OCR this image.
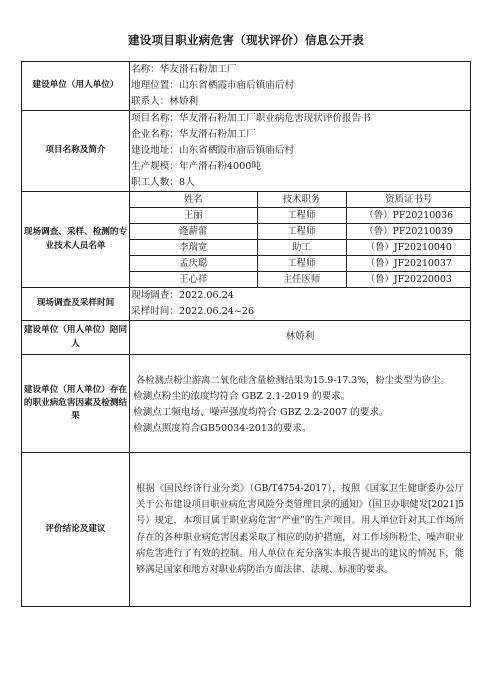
建设项目职业病危害（现状评价）信息公开表
建设单位（用人单位）	
名称：华友滑石粉加工厂
地理位置：山东省栖霞市庙后镇庙后村
联系人：林娇利

项目名称及简介	
项目名称：华友滑石粉加工厂职业病危害现状评价报告书
企业名称：华友滑石粉加工厂
建设地址：山东省栖霞市庙后镇庙后村
生产规模：年产滑石粉4000吨
职工人数：8人

现场调查、采样、检测的专业技术人员名单	
姓名	技术职务	资质证书号
王丽	工程师	（鲁）PF20210036
逄薪蕾	工程师	（鲁）PF20210039
李瑞宽	助工	（鲁）JF20210040
孟庆聪	工程师	（鲁）JF20210037
王心祥	主任医师	（鲁）JF20220003

现场调查及采样时间	
现场调查：2022.06.24
采样时间：2022.06.24~26

建设单位（用人单位）陪同人	林娇利
建设单位（用人单位）存在的职业病危害因素及检测结果	
各检测点粉尘游离二氧化硅含量检测结果为15.9-17.3%，粉尘类型为矽尘。
检测点粉尘的浓度均符合 GBZ 2.1-2019 的要求。
检测点工频电场、噪声强度均符合 GBZ 2.2-2007 的要求。
检测点照度符合GB50034-2013的要求。

评价结论及建议	
根据《国民经济行业分类》（GB/T4754-2017），按照《国家卫生健康委办公厅关于公布建设项目职业病危害风险分类管理目录的通知》（国卫办职健发[2021]5号）规定，本项目属于职业病危害“严重”的生产项目。用人单位针对其工作场所存在的各种职业病危害因素采取了相应的防护措施，对工作场所粉尘、噪声职业病危害进行了有效的控制。用人单位在充分落实本报告提出的建议的情况下，能够满足国家和地方对职业病防治方面法律、法规、标准的要求。
